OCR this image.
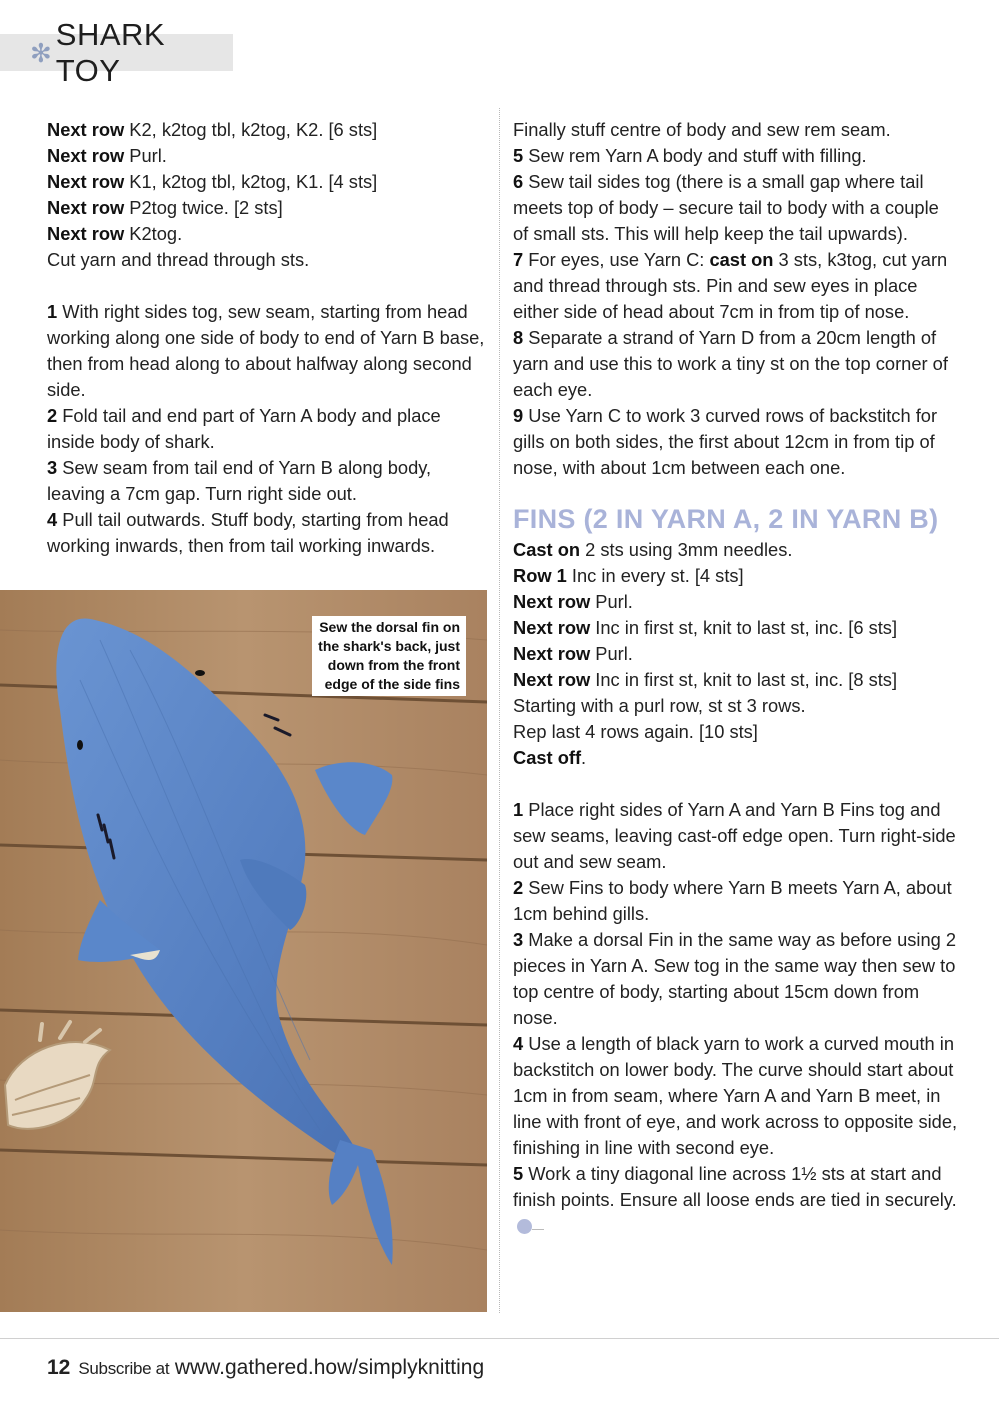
✻
SHARK TOY

Next row K2, k2tog tbl, k2tog, K2. [6 sts]

Next row Purl.

Next row K1, k2tog tbl, k2tog, K1. [4 sts]

Next row P2tog twice. [2 sts]

Next row K2tog.

Cut yarn and thread through sts.

1 With right sides tog, sew seam, starting from head working along one side of body to end of Yarn B base, then from head along to about halfway along second side.

2 Fold tail and end part of Yarn A body and place inside body of shark.

3 Sew seam from tail end of Yarn B along body, leaving a 7cm gap. Turn right side out.

4 Pull tail outwards. Stuff body, starting from head working inwards, then from tail working inwards.

Sew the dorsal fin on the shark's back, just down from the front edge of the side fins

Finally stuff centre of body and sew rem seam.

5 Sew rem Yarn A body and stuff with filling.

6 Sew tail sides tog (there is a small gap where tail meets top of body – secure tail to body with a couple of small sts. This will help keep the tail upwards).

7 For eyes, use Yarn C: cast on 3 sts, k3tog, cut yarn and thread through sts. Pin and sew eyes in place either side of head about 7cm in from tip of nose.

8 Separate a strand of Yarn D from a 20cm length of yarn and use this to work a tiny st on the top corner of each eye.

9 Use Yarn C to work 3 curved rows of backstitch for gills on both sides, the first about 12cm in from tip of nose, with about 1cm between each one.

FINS (2 IN YARN A, 2 IN YARN B)

Cast on 2 sts using 3mm needles.

Row 1 Inc in every st. [4 sts]

Next row Purl.

Next row Inc in first st, knit to last st, inc. [6 sts]

Next row Purl.

Next row Inc in first st, knit to last st, inc. [8 sts]

Starting with a purl row, st st 3 rows.

Rep last 4 rows again. [10 sts]

Cast off.

1 Place right sides of Yarn A and Yarn B Fins tog and sew seams, leaving cast-off edge open. Turn right-side out and sew seam.

2 Sew Fins to body where Yarn B meets Yarn A, about 1cm behind gills.

3 Make a dorsal Fin in the same way as before using 2 pieces in Yarn A. Sew tog in the same way then sew to top centre of body, starting about 15cm down from nose.

4 Use a length of black yarn to work a curved mouth in backstitch on lower body. The curve should start about 1cm in from seam, where Yarn A and Yarn B meet, in line with front of eye, and work across to opposite side, finishing in line with second eye.

5 Work a tiny diagonal line across 1½ sts at start and finish points. Ensure all loose ends are tied in securely.

12 Subscribe at www.gathered.how/simplyknitting
